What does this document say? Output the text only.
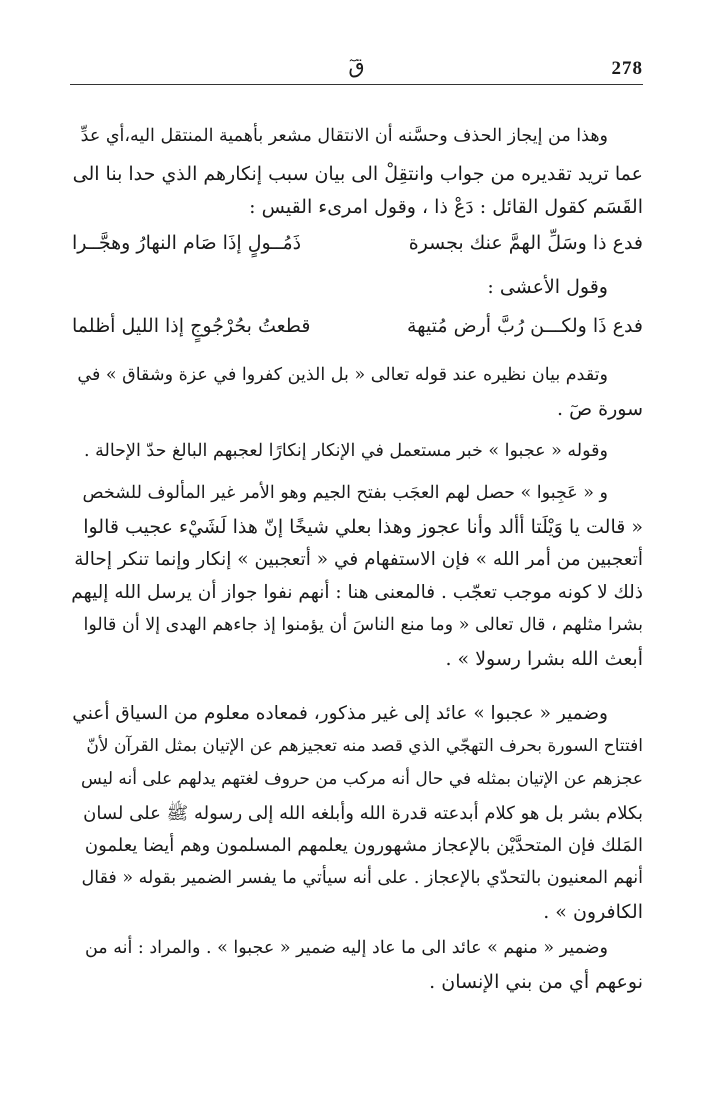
278
قٓ
وهذا من إيجاز الحذف وحسَّنه أن الانتقال مشعر بأهمية المنتقل اليه،أي عدِّ
عما تريد تقديره من جواب وانتقِلْ الى بيان سبب إنكارهم الذي حدا بنا الى
القَسَم كقول القائل : دَعْ ذا ، وقول امرىء القيس :
فدع ذا وسَلِّ الهمَّ عنك بجسرة
ذَمُــولٍ إذَا صَام النهارُ وهجَّــرا
وقول الأعشى :
فدع ذَا ولكـــن رُبَّ أرض مُتيهة
قطعتُ بحُرْجُوجٍ إذا الليل أظلما
وتقدم بيان نظيره عند قوله تعالى « بل الذين كفروا في عزة وشقاق » في
سورة صٓ .
وقوله « عجبوا » خبر مستعمل في الإنكار إنكارًا لعجبهم البالغ حدّ الإحالة .
و « عَجِبوا » حصل لهم العجَب بفتح الجيم وهو الأمر غير المألوف للشخص
« قالت يا وَيْلَتا أألد وأنا عجوز وهذا بعلي شيخًا إنّ هذا لَشَيْء عجيب قالوا
أتعجبين من أمر الله » فإن الاستفهام في « أتعجبين » إنكار وإنما تنكر إحالة
ذلك لا كونه موجب تعجّب . فالمعنى هنا : أنهم نفوا جواز أن يرسل الله إليهم
بشرا مثلهم ، قال تعالى « وما منع الناسَ أن يؤمنوا إذ جاءهم الهدى إلا أن قالوا
أبعث الله بشرا رسولا » .
وضمير « عجبوا » عائد إلى غير مذكور، فمعاده معلوم من السياق أعني
افتتاح السورة بحرف التهجّي الذي قصد منه تعجيزهم عن الإتيان بمثل القرآن لأنّ
عجزهم عن الإتيان بمثله في حال أنه مركب من حروف لغتهم يدلهم على أنه ليس
بكلام بشر بل هو كلام أبدعته قدرة الله وأبلغه الله إلى رسوله ﷺ على لسان
المَلك فإن المتحدَّيْن بالإعجاز مشهورون يعلمهم المسلمون وهم أيضا يعلمون
أنهم المعنيون بالتحدّي بالإعجاز . على أنه سيأتي ما يفسر الضمير بقوله « فقال
الكافرون » .
وضمير « منهم » عائد الى ما عاد إليه ضمير « عجبوا » . والمراد : أنه من
نوعهم أي من بني الإنسان .
